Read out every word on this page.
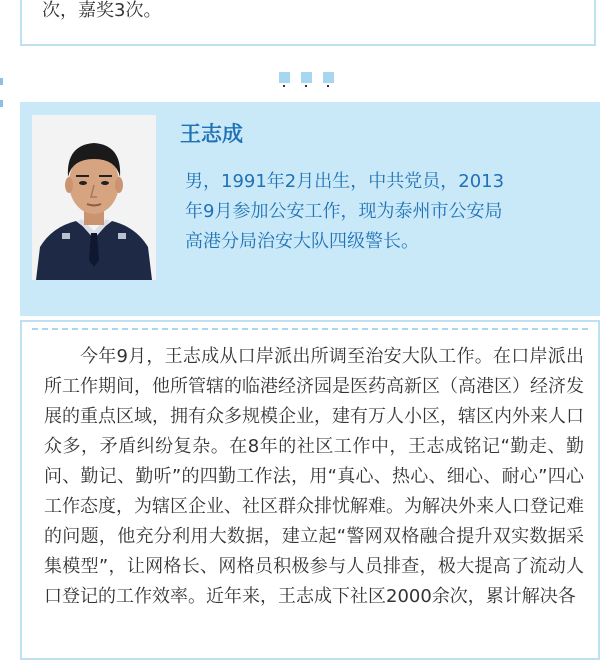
次，嘉奖3次。
王志成
男，1991年2月出生，中共党员，2013年9月参加公安工作，现为泰州市公安局高港分局治安大队四级警长。
今年9月，王志成从口岸派出所调至治安大队工作。在口岸派出所工作期间，他所管辖的临港经济园是医药高新区（高港区）经济发展的重点区域，拥有众多规模企业，建有万人小区，辖区内外来人口众多，矛盾纠纷复杂。在8年的社区工作中，王志成铭记“勤走、勤问、勤记、勤听”的四勤工作法，用“真心、热心、细心、耐心”四心工作态度，为辖区企业、社区群众排忧解难。为解决外来人口登记难的问题，他充分利用大数据，建立起“警网双格融合提升双实数据采集模型”，让网格长、网格员积极参与人员排查，极大提高了流动人口登记的工作效率。近年来，王志成下社区2000余次，累计解决各
